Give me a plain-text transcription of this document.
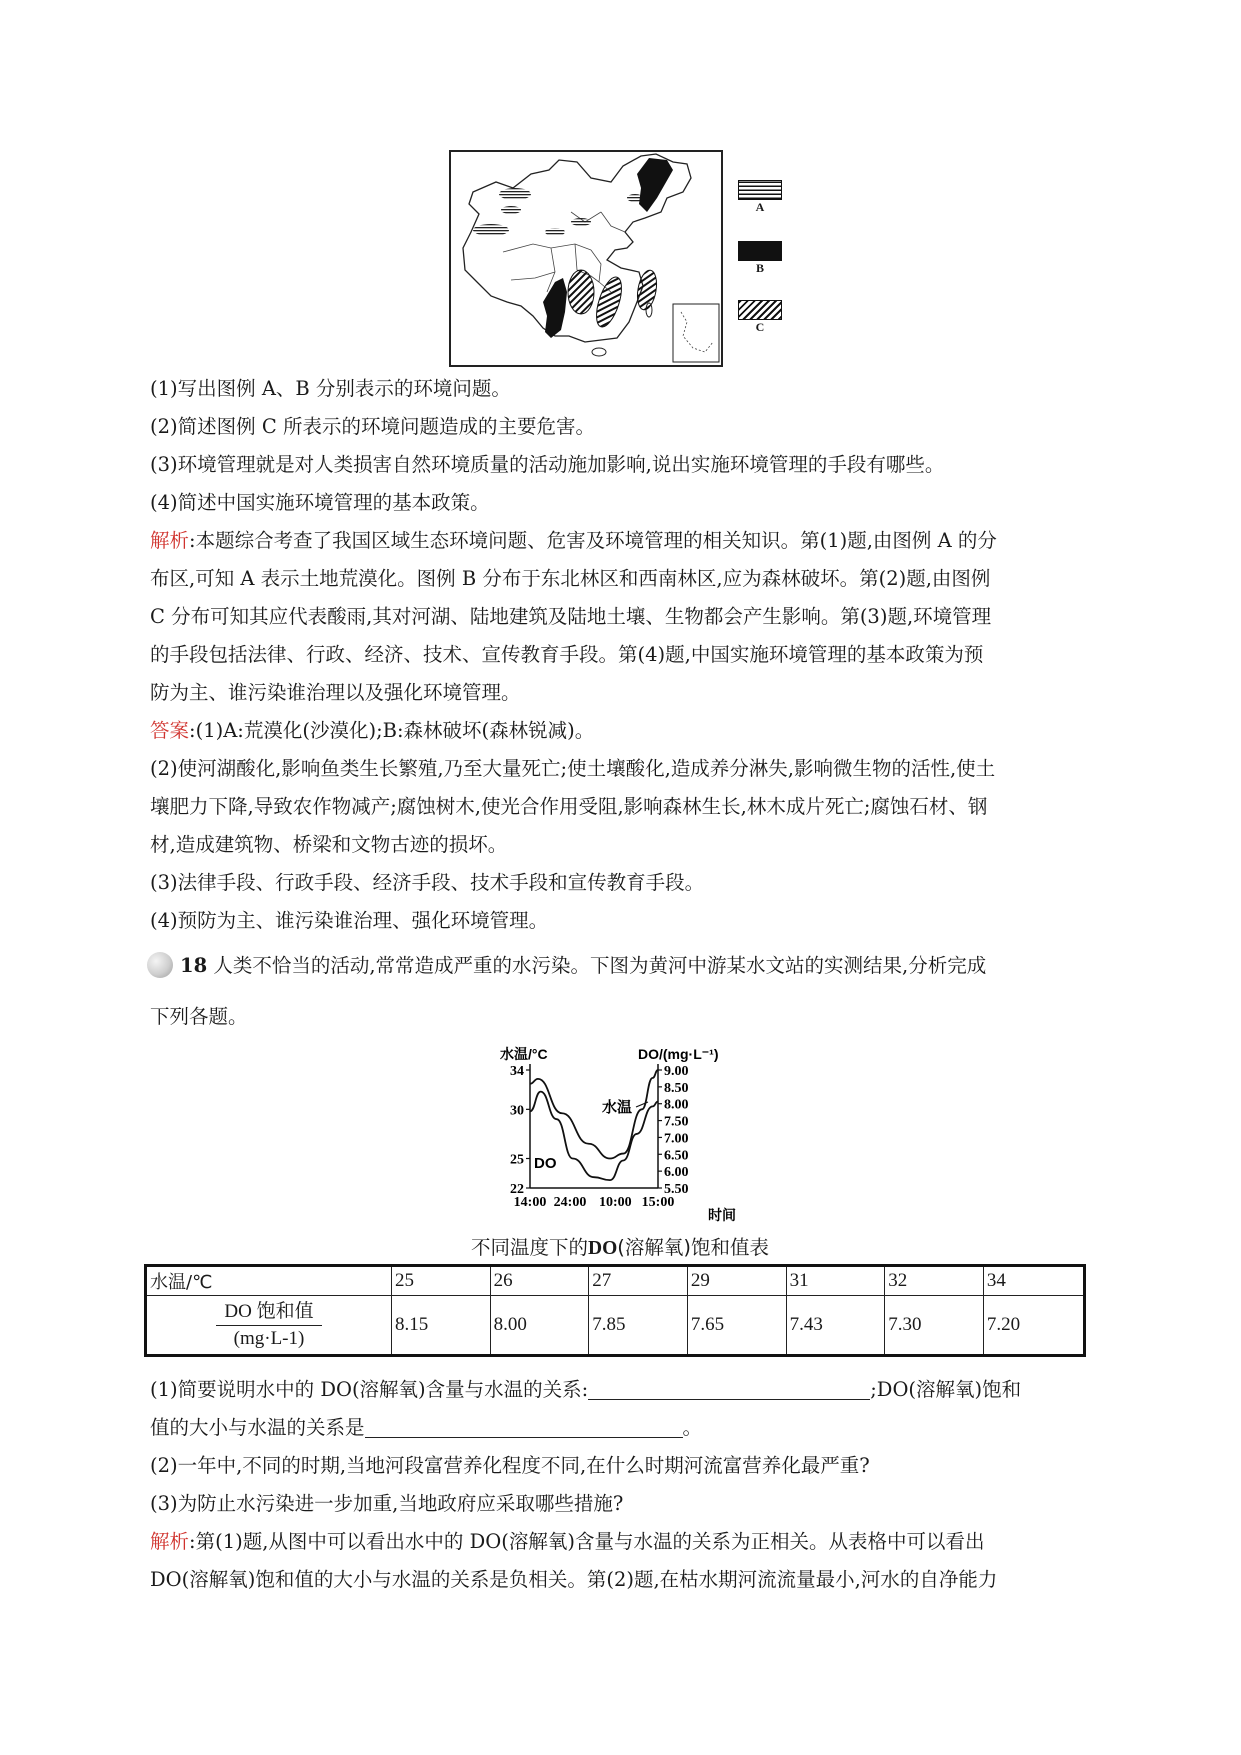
A
B
C
(1)写出图例 A、B 分别表示的环境问题。
(2)简述图例 C 所表示的环境问题造成的主要危害。
(3)环境管理就是对人类损害自然环境质量的活动施加影响,说出实施环境管理的手段有哪些。
(4)简述中国实施环境管理的基本政策。
解析:本题综合考查了我国区域生态环境问题、危害及环境管理的相关知识。第(1)题,由图例 A 的分
布区,可知 A 表示土地荒漠化。图例 B 分布于东北林区和西南林区,应为森林破坏。第(2)题,由图例
C 分布可知其应代表酸雨,其对河湖、陆地建筑及陆地土壤、生物都会产生影响。第(3)题,环境管理
的手段包括法律、行政、经济、技术、宣传教育手段。第(4)题,中国实施环境管理的基本政策为预
防为主、谁污染谁治理以及强化环境管理。
答案:(1)A:荒漠化(沙漠化);B:森林破坏(森林锐减)。
(2)使河湖酸化,影响鱼类生长繁殖,乃至大量死亡;使土壤酸化,造成养分淋失,影响微生物的活性,使土
壤肥力下降,导致农作物减产;腐蚀树木,使光合作用受阻,影响森林生长,林木成片死亡;腐蚀石材、钢
材,造成建筑物、桥梁和文物古迹的损坏。
(3)法律手段、行政手段、经济手段、技术手段和宣传教育手段。
(4)预防为主、谁污染谁治理、强化环境管理。
18 人类不恰当的活动,常常造成严重的水污染。下图为黄河中游某水文站的实测结果,分析完成
下列各题。
水温/°C	DO/(mg·L⁻¹)
22
25
30
34
5.50
6.00
6.50
7.00
7.50
8.00
8.50
9.00
14:00 24:00 10:00 15:00
水温
DO
时间
不同温度下的DO(溶解氧)饱和值表
水温/℃	25	26	27	29	31	32	34

DO 饱和值
(mg·L-1)	8.15	8.00	7.85	7.65	7.43	7.30	7.20
(1)简要说明水中的 DO(溶解氧)含量与水温的关系:	;DO(溶解氧)饱和
值的大小与水温的关系是	。
(2)一年中,不同的时期,当地河段富营养化程度不同,在什么时期河流富营养化最严重?
(3)为防止水污染进一步加重,当地政府应采取哪些措施?
解析:第(1)题,从图中可以看出水中的 DO(溶解氧)含量与水温的关系为正相关。从表格中可以看出
DO(溶解氧)饱和值的大小与水温的关系是负相关。第(2)题,在枯水期河流流量最小,河水的自净能力
